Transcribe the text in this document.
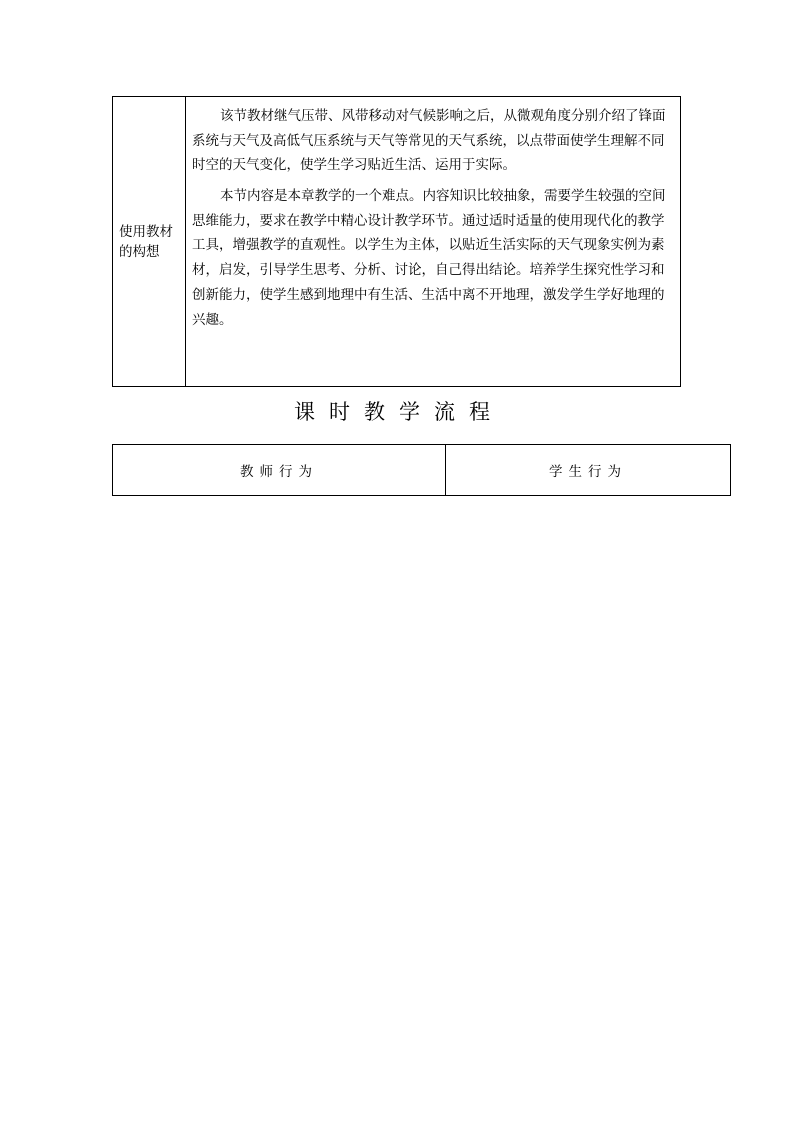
使用教材的构想

该节教材继气压带、风带移动对气候影响之后，从微观角度分别介绍了锋面系统与天气及高低气压系统与天气等常见的天气系统，以点带面使学生理解不同时空的天气变化，使学生学习贴近生活、运用于实际。

本节内容是本章教学的一个难点。内容知识比较抽象，需要学生较强的空间思维能力，要求在教学中精心设计教学环节。通过适时适量的使用现代化的教学工具，增强教学的直观性。以学生为主体，以贴近生活实际的天气现象实例为素材，启发，引导学生思考、分析、讨论，自己得出结论。培养学生探究性学习和创新能力，使学生感到地理中有生活、生活中离不开地理，激发学生学好地理的兴趣。

课时教学流程
教师行为	学生行为
